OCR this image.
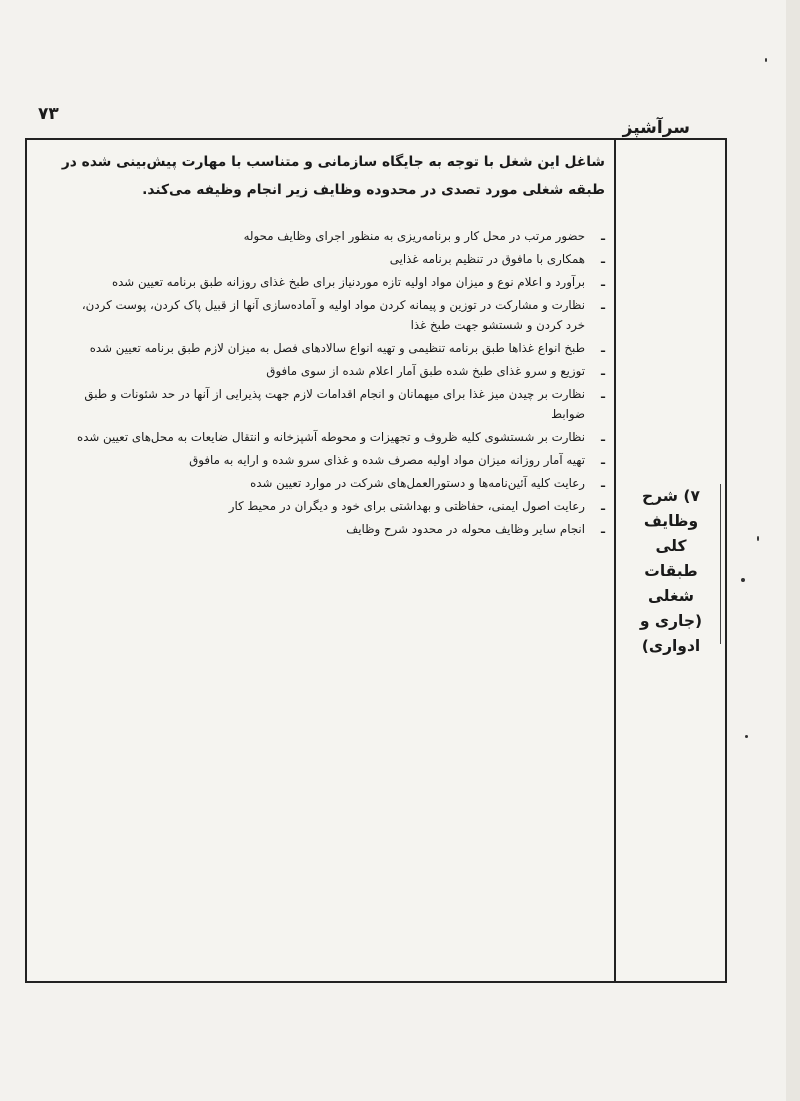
۷۳
سرآشپز
۷) شرح وظایف کلی طبقات شغلی (جاری و ادواری)

شاغل این شغل با توجه به جایگاه سازمانی و متناسب با مهارت پیش‌بینی شده در طبقه شغلی مورد تصدی در محدوده وظایف زیر انجام وظیفه می‌کند.

ـ
حضور مرتب در محل کار و برنامه‌ریزی به منظور اجرای وظایف محوله
ـ
همکاری با مافوق در تنظیم برنامه غذایی
ـ
برآورد و اعلام نوع و میزان مواد اولیه تازه موردنیاز برای طبخ غذای روزانه طبق برنامه تعیین شده
ـ
نظارت و مشارکت در توزین و پیمانه کردن مواد اولیه و آماده‌سازی آنها از قبیل پاک کردن، پوست کردن، خرد کردن و شستشو جهت طبخ غذا
ـ
طبخ انواع غذاها طبق برنامه تنظیمی و تهیه انواع سالادهای فصل به میزان لازم طبق برنامه تعیین شده
ـ
توزیع و سرو غذای طبخ شده طبق آمار اعلام شده از سوی مافوق
ـ
نظارت بر چیدن میز غذا برای میهمانان و انجام اقدامات لازم جهت پذیرایی از آنها در حد شئونات و طبق ضوابط
ـ
نظارت بر شستشوی کلیه ظروف و تجهیزات و محوطه آشپزخانه و انتقال ضایعات به محل‌های تعیین شده
ـ
تهیه آمار روزانه میزان مواد اولیه مصرف شده و غذای سرو شده و ارایه به مافوق
ـ
رعایت کلیه آئین‌نامه‌ها و دستورالعمل‌های شرکت در موارد تعیین شده
ـ
رعایت اصول ایمنی، حفاظتی و بهداشتی برای خود و دیگران در محیط کار
ـ
انجام سایر وظایف محوله در محدود شرح وظایف
